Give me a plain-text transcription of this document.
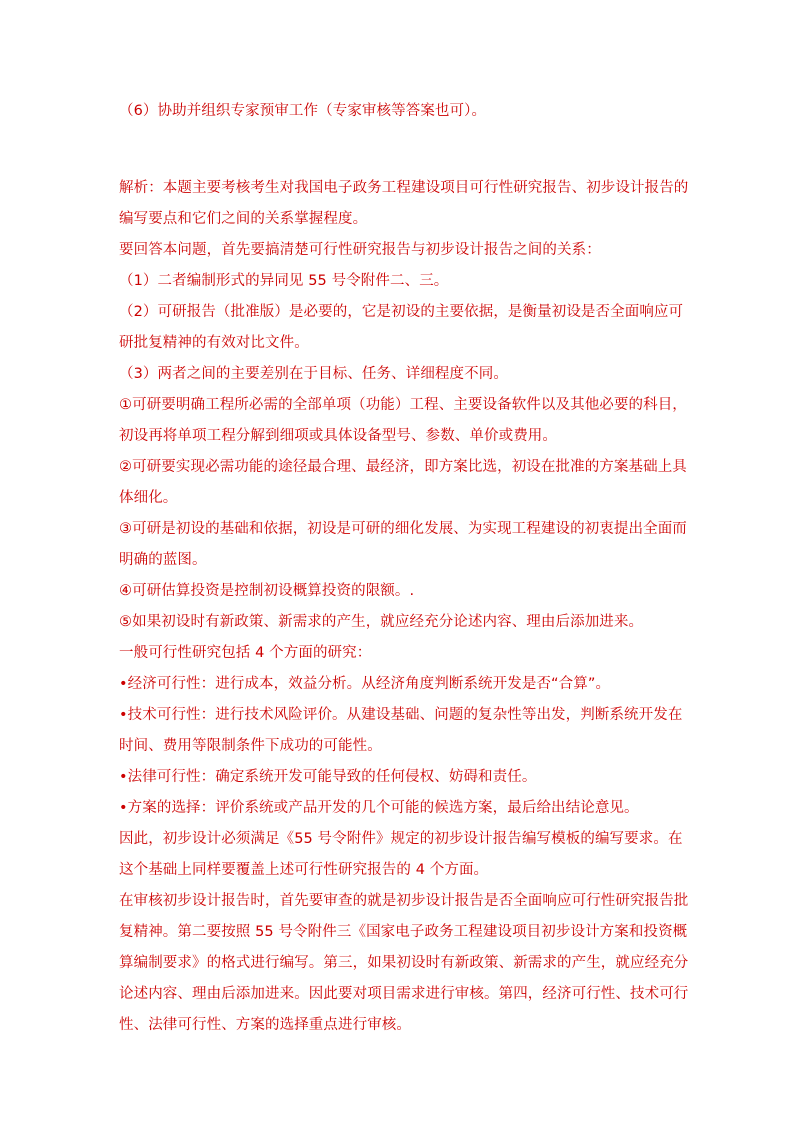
（6）协助并组织专家预审工作（专家审核等答案也可）。

解析：本题主要考核考生对我国电子政务工程建设项目可行性研究报告、初步设计报告的编写要点和它们之间的关系掌握程度。

要回答本问题，首先要搞清楚可行性研究报告与初步设计报告之间的关系：

（1）二者编制形式的异同见 55 号令附件二、三。

（2）可研报告（批准版）是必要的，它是初设的主要依据，是衡量初设是否全面响应可研批复精神的有效对比文件。

（3）两者之间的主要差别在于目标、任务、详细程度不同。

①可研要明确工程所必需的全部单项（功能）工程、主要设备软件以及其他必要的科目，初设再将单项工程分解到细项或具体设备型号、参数、单价或费用。

②可研要实现必需功能的途径最合理、最经济，即方案比选，初设在批准的方案基础上具体细化。

③可研是初设的基础和依据，初设是可研的细化发展、为实现工程建设的初衷提出全面而明确的蓝图。

④可研估算投资是控制初设概算投资的限额。.

⑤如果初设时有新政策、新需求的产生，就应经充分论述内容、理由后添加进来。

一般可行性研究包括 4 个方面的研究：

•经济可行性：进行成本，效益分析。从经济角度判断系统开发是否“合算”。

•技术可行性：进行技术风险评价。从建设基础、问题的复杂性等出发，判断系统开发在时间、费用等限制条件下成功的可能性。

•法律可行性：确定系统开发可能导致的任何侵权、妨碍和责任。

•方案的选择：评价系统或产品开发的几个可能的候选方案，最后给出结论意见。

因此，初步设计必须满足《55 号令附件》规定的初步设计报告编写模板的编写要求。在这个基础上同样要覆盖上述可行性研究报告的 4 个方面。

在审核初步设计报告时，首先要审查的就是初步设计报告是否全面响应可行性研究报告批复精神。第二要按照 55 号令附件三《国家电子政务工程建设项目初步设计方案和投资概算编制要求》的格式进行编写。第三，如果初设时有新政策、新需求的产生，就应经充分论述内容、理由后添加进来。因此要对项目需求进行审核。第四，经济可行性、技术可行性、法律可行性、方案的选择重点进行审核。
